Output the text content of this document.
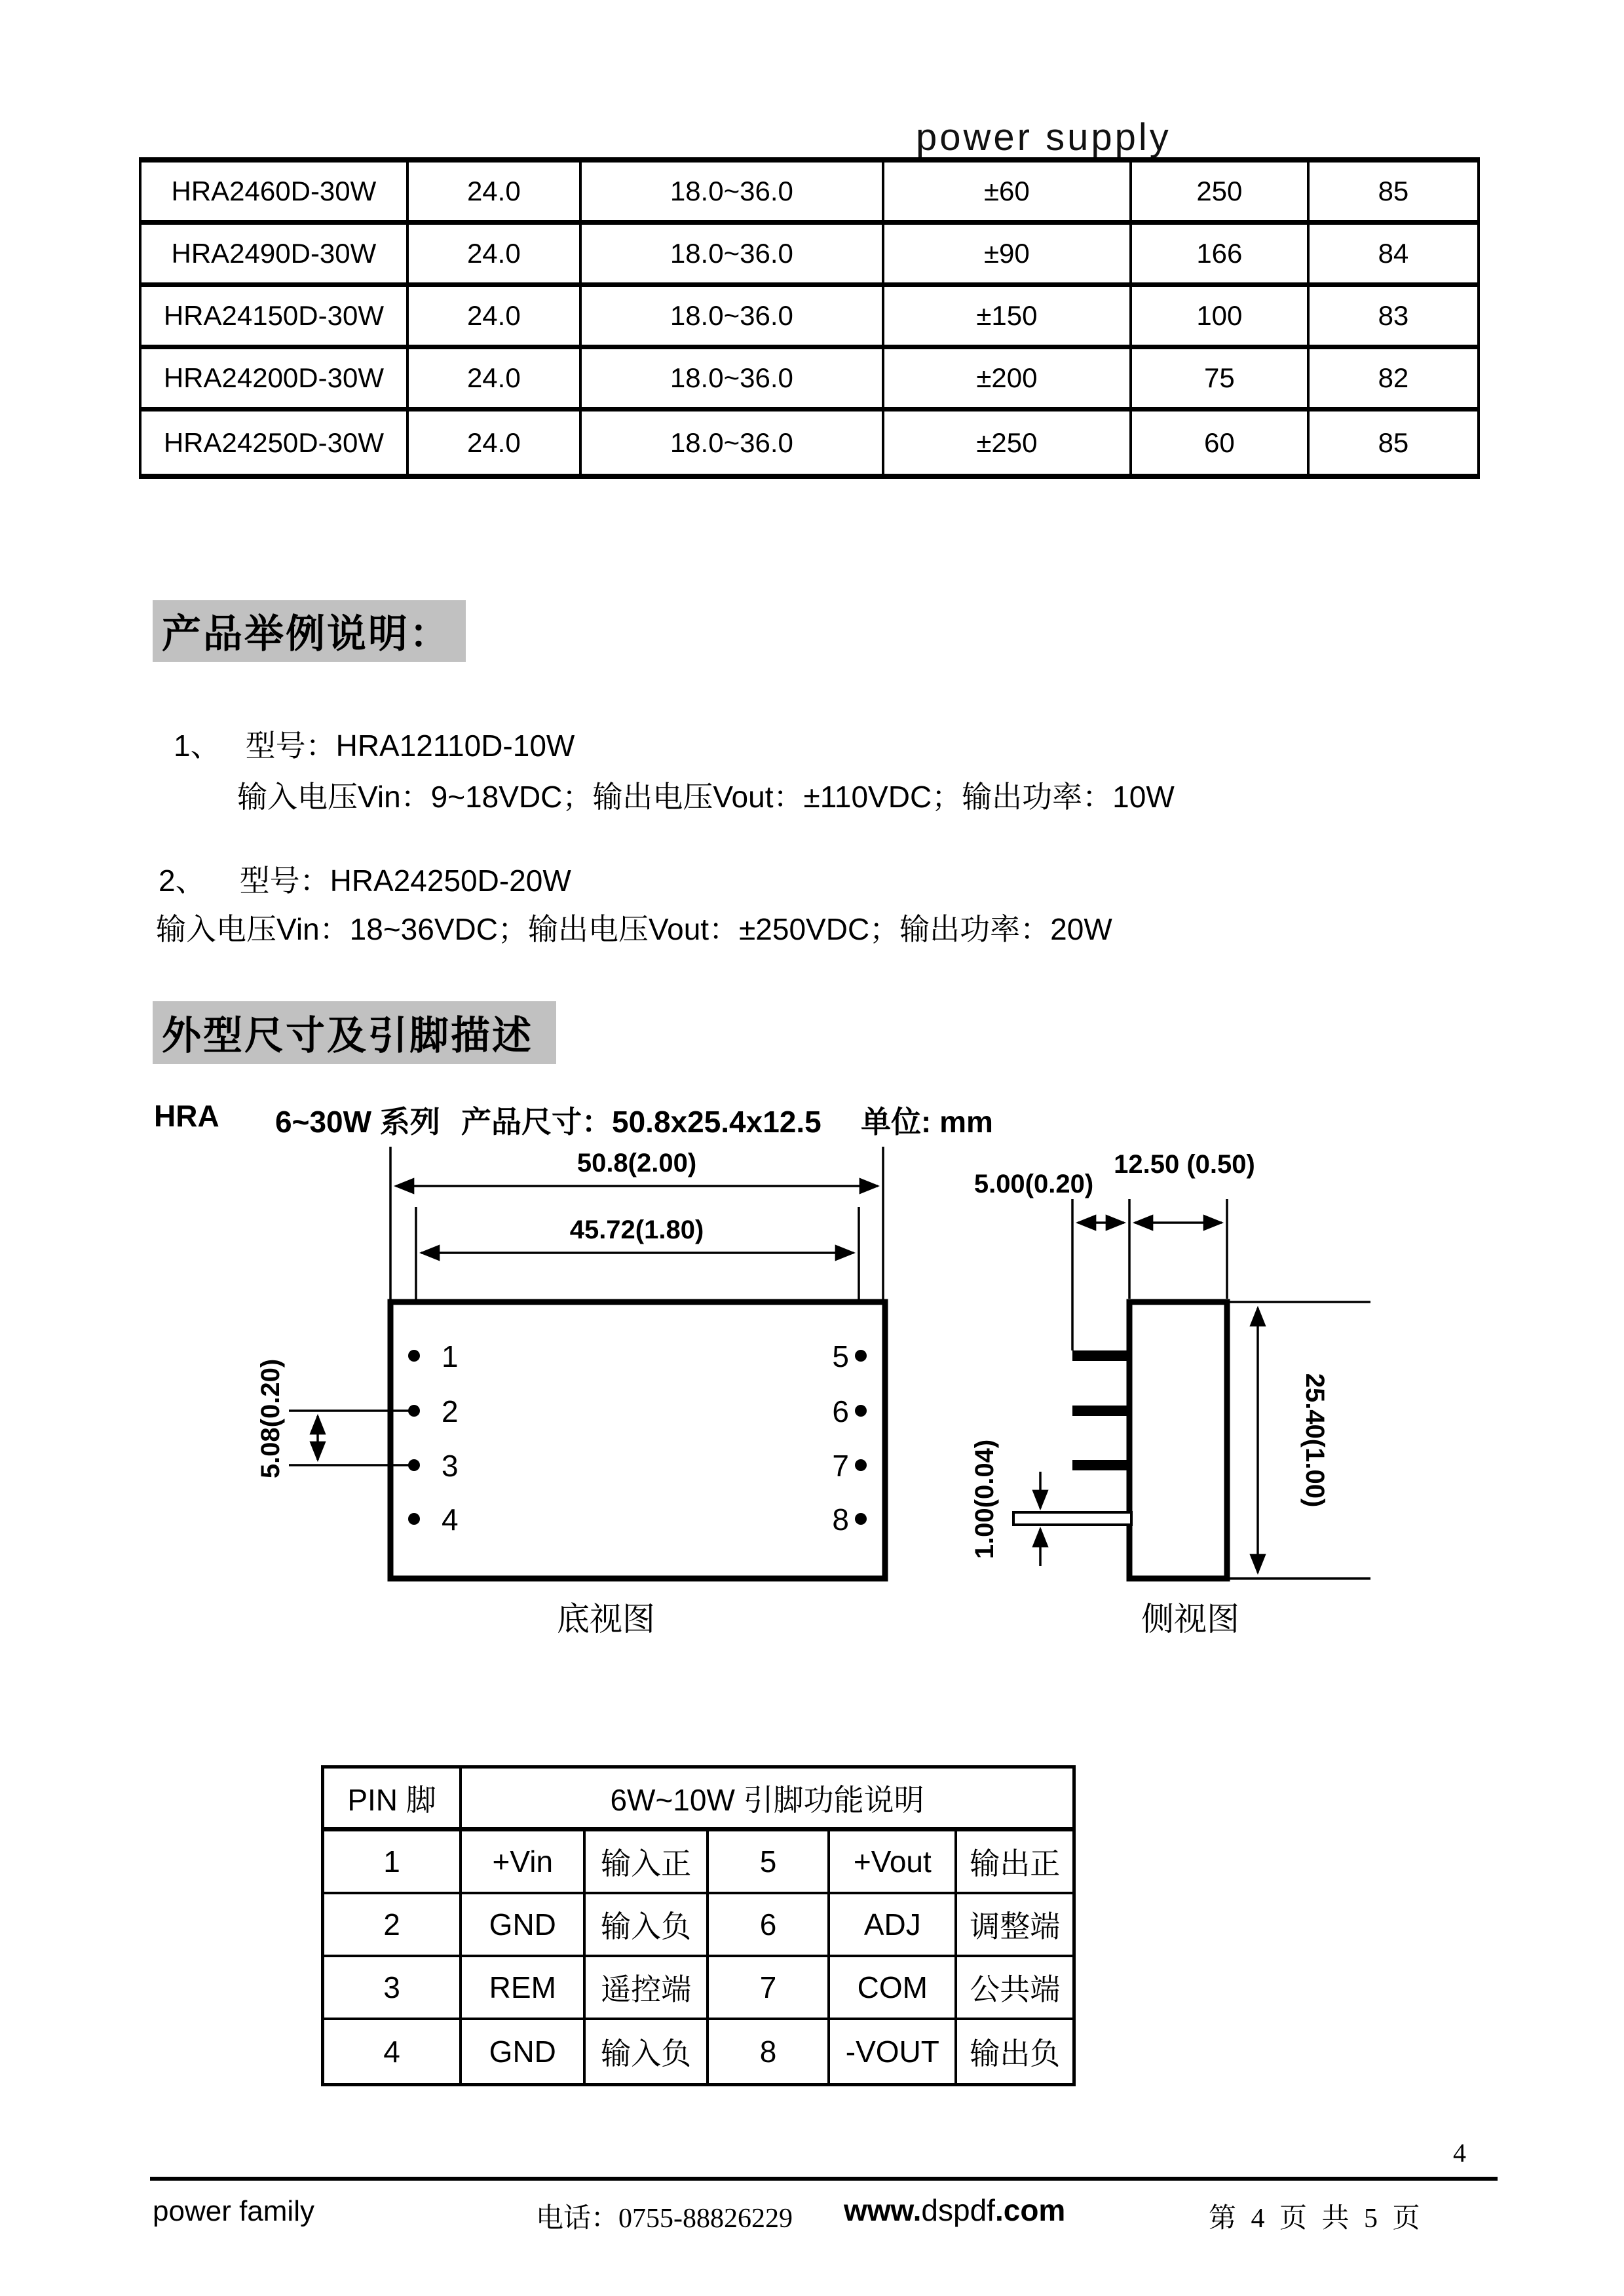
power supply
HRA2460D-30W	24.0	18.0~36.0	±60	250	85
HRA2490D-30W	24.0	18.0~36.0	±90	166	84
HRA24150D-30W	24.0	18.0~36.0	±150	100	83
HRA24200D-30W	24.0	18.0~36.0	±200	75	82
HRA24250D-30W	24.0	18.0~36.0	±250	60	85
产品举例说明：
1、 型号：HRA12110D-10W
输入电压Vin：9~18VDC；输出电压Vout：±110VDC；输出功率：10W
2、 型号：HRA24250D-20W
输入电压Vin：18~36VDC；输出电压Vout：±250VDC；输出功率：20W
外型尺寸及引脚描述
HRA 6~30W 系列 产品尺寸：50.8x25.4x12.5 单位: mm
50.8(2.00)
45.72(1.80)
5.08(0.20)
1
2
3
4
5
6
7
8
底视图
5.00(0.20)
12.50 (0.50)
1.00(0.04)	25.40(1.00)
侧视图
PIN 脚	6W~10W 引脚功能说明
1	+Vin	输入正	5	+Vout	输出正
2	GND	输入负	6	ADJ	调整端
3	REM	遥控端	7	COM	公共端
4	GND	输入负	8	-VOUT	输出负
4
power family	电话：0755-88826229 www.dspdf.com	第 4 页 共 5 页
